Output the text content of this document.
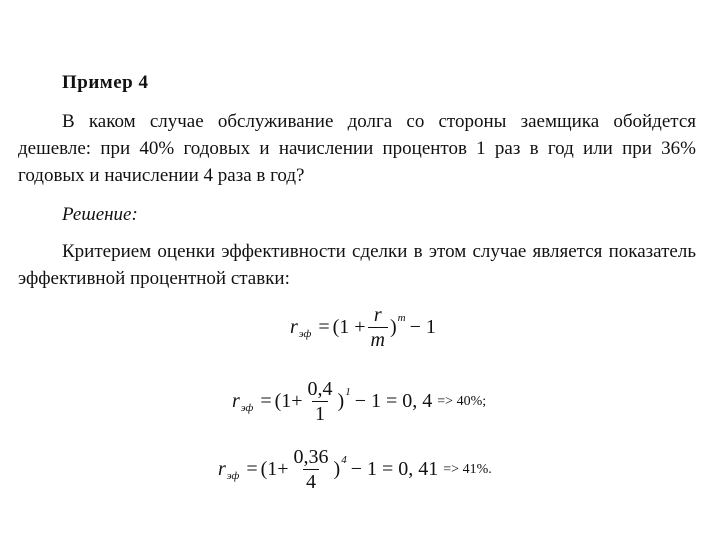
Пример 4
В каком случае обслуживание долга со стороны заемщика обойдется дешевле: при 40% годовых и начислении процентов 1 раз в год или при 36% годовых и начислении 4 раза в год?
Решение:
Критерием оценки эффективности сделки в этом случае является показатель эффективной процентной ставки:
r эф = ($1 + \frac{r}{m}$ ) m − 1
r эф = ($1+ \frac{0,4}{1}$ ) 1 − 1 = 0, 4 => 40%;
r эф = ($1+ \frac{0,36}{4}$ ) 4 − 1 = 0, 41 => 41%.
